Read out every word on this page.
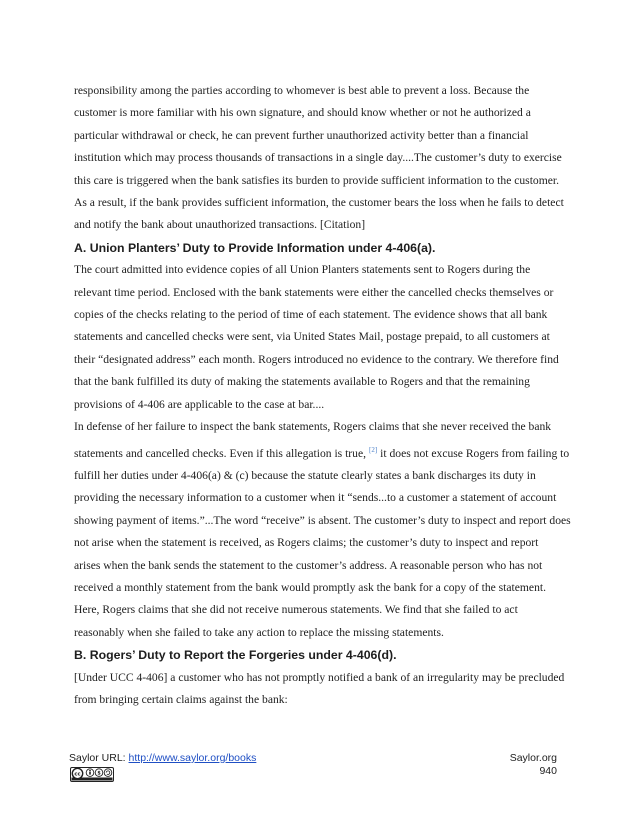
responsibility among the parties according to whomever is best able to prevent a loss. Because the
customer is more familiar with his own signature, and should know whether or not he authorized a
particular withdrawal or check, he can prevent further unauthorized activity better than a financial
institution which may process thousands of transactions in a single day....The customer’s duty to exercise
this care is triggered when the bank satisfies its burden to provide sufficient information to the customer.
As a result, if the bank provides sufficient information, the customer bears the loss when he fails to detect
and notify the bank about unauthorized transactions. [Citation]

A. Union Planters’ Duty to Provide Information under 4-406(a).

The court admitted into evidence copies of all Union Planters statements sent to Rogers during the
relevant time period. Enclosed with the bank statements were either the cancelled checks themselves or
copies of the checks relating to the period of time of each statement. The evidence shows that all bank
statements and cancelled checks were sent, via United States Mail, postage prepaid, to all customers at
their “designated address” each month. Rogers introduced no evidence to the contrary. We therefore find
that the bank fulfilled its duty of making the statements available to Rogers and that the remaining
provisions of 4-406 are applicable to the case at bar....

In defense of her failure to inspect the bank statements, Rogers claims that she never received the bank
statements and cancelled checks. Even if this allegation is true, [2] it does not excuse Rogers from failing to
fulfill her duties under 4-406(a) & (c) because the statute clearly states a bank discharges its duty in
providing the necessary information to a customer when it “sends...to a customer a statement of account
showing payment of items.”...The word “receive” is absent. The customer’s duty to inspect and report does
not arise when the statement is received, as Rogers claims; the customer’s duty to inspect and report
arises when the bank sends the statement to the customer’s address. A reasonable person who has not
received a monthly statement from the bank would promptly ask the bank for a copy of the statement.
Here, Rogers claims that she did not receive numerous statements. We find that she failed to act
reasonably when she failed to take any action to replace the missing statements.

B. Rogers’ Duty to Report the Forgeries under 4-406(d).

[Under UCC 4-406] a customer who has not promptly notified a bank of an irregularity may be precluded
from bringing certain claims against the bank:

Saylor URL: http://www.saylor.org/books
cc	$
Saylor.org
940
